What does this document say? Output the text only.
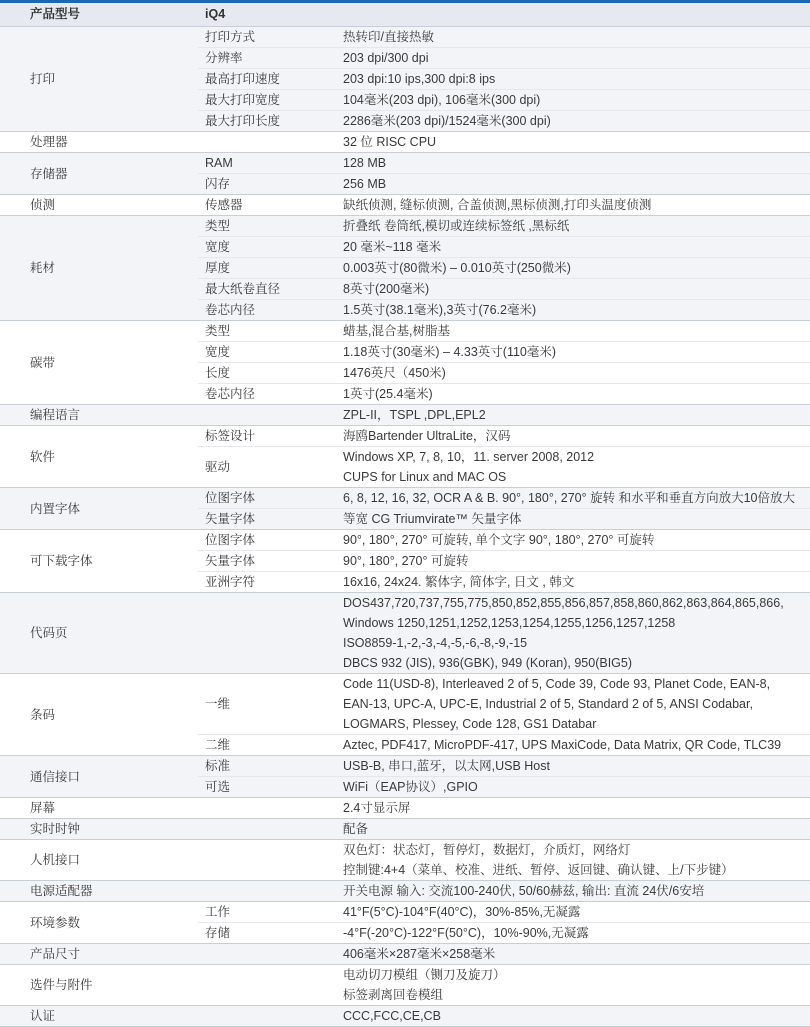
产品型号	iQ4	
打印	打印方式	热转印/直接热敏

	分辨率	203 dpi/300 dpi

	最高打印速度	203 dpi:10 ips,300 dpi:8 ips

	最大打印宽度	104毫米(203 dpi), 106毫米(300 dpi)

	最大打印长度	2286毫米(203 dpi)/1524毫米(300 dpi)

处理器		32 位 RISC CPU

存储器	RAM	128 MB

	闪存	256 MB

侦测	传感器	缺纸侦测, 缝标侦测, 合盖侦测,黑标侦测,打印头温度侦测

耗材	类型	折叠纸 卷筒纸,模切或连续标签纸 ,黑标纸

	宽度	20 毫米~118 毫米

	厚度	0.003英寸(80微米) – 0.010英寸(250微米)

	最大纸卷直径	8英寸(200毫米)

	卷芯内径	1.5英寸(38.1毫米),3英寸(76.2毫米)

碳带	类型	蜡基,混合基,树脂基

	宽度	1.18英寸(30毫米) – 4.33英寸(110毫米)

	长度	1476英尺（450米)

	卷芯内径	1英寸(25.4毫米)

编程语言		ZPL-II，TSPL ,DPL,EPL2

软件	标签设计	海鸥Bartender UltraLite，汉码

	驱动	Windows XP, 7, 8, 10，11. server 2008, 2012
CUPS for Linux and MAC OS

内置字体	位图字体	6, 8, 12, 16, 32, OCR A & B. 90°, 180°, 270° 旋转 和水平和垂直方向放大10倍放大

	矢量字体	等宽 CG Triumvirate™ 矢量字体

可下载字体	位图字体	90°, 180°, 270° 可旋转, 单个文字 90°, 180°, 270° 可旋转

	矢量字体	90°, 180°, 270° 可旋转

	亚洲字符	16x16, 24x24. 繁体字, 简体字, 日文 , 韩文

代码页		DOS437,720,737,755,775,850,852,855,856,857,858,860,862,863,864,865,866,
Windows 1250,1251,1252,1253,1254,1255,1256,1257,1258
ISO8859-1,-2,-3,-4,-5,-6,-8,-9,-15
DBCS 932 (JIS), 936(GBK), 949 (Koran), 950(BIG5)

条码	一维	Code 11(USD-8), Interleaved 2 of 5, Code 39, Code 93, Planet Code, EAN-8,
EAN-13, UPC-A, UPC-E, Industrial 2 of 5, Standard 2 of 5, ANSI Codabar,
LOGMARS, Plessey, Code 128, GS1 Databar

	二维	Aztec, PDF417, MicroPDF-417, UPS MaxiCode, Data Matrix, QR Code, TLC39

通信接口	标准	USB-B, 串口,蓝牙，以太网,USB Host

	可选	WiFi（EAP协议）,GPIO

屏幕		2.4寸显示屏

实时时钟		配备

人机接口		双色灯：状态灯，暂停灯，数据灯，介质灯，网络灯
控制键:4+4（菜单、校准、进纸、暂停、返回键、确认键、上/下步键）

电源适配器		开关电源 输入: 交流100-240伏, 50/60赫兹, 输出: 直流 24伏/6安培

环境参数	工作	41°F(5°C)-104°F(40°C)，30%-85%,无凝露

	存储	-4°F(-20°C)-122°F(50°C)，10%-90%,无凝露

产品尺寸		406毫米×287毫米×258毫米

选件与附件		电动切刀模组（铡刀及旋刀）
标签剥离回卷模组

认证		CCC,FCC,CE,CB
